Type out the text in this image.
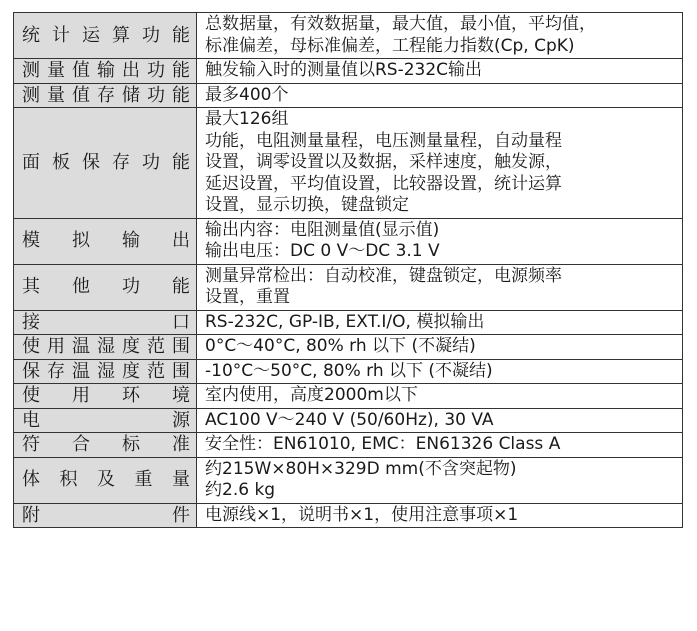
统计运算功能	总数据量，有效数据量，最大值，最小值，平均值，
标准偏差，母标准偏差，工程能力指数(Cp, CpK)

测量值输出功能	触发输入时的测量值以RS-232C输出

测量值存储功能	最多400个

面板保存功能	最大126组
功能，电阻测量量程，电压测量量程，自动量程
设置，调零设置以及数据，采样速度，触发源，
延迟设置，平均值设置，比较器设置，统计运算
设置，显示切换，键盘锁定

模拟输出	输出内容：电阻测量值(显示值)
输出电压：DC 0 V～DC 3.1 V

其他功能	测量异常检出：自动校准，键盘锁定，电源频率
设置，重置

接口	RS-232C, GP-IB, EXT.I/O, 模拟输出

使用温湿度范围	0°C～40°C, 80% rh 以下 (不凝结)

保存温湿度范围	-10°C～50°C, 80% rh 以下 (不凝结)

使用环境	室内使用，高度2000m以下

电源	AC100 V～240 V (50/60Hz), 30 VA

符合标准	安全性：EN61010, EMC：EN61326 Class A

体积及重量	约215W×80H×329D mm(不含突起物)
约2.6 kg

附件	电源线×1，说明书×1，使用注意事项×1
